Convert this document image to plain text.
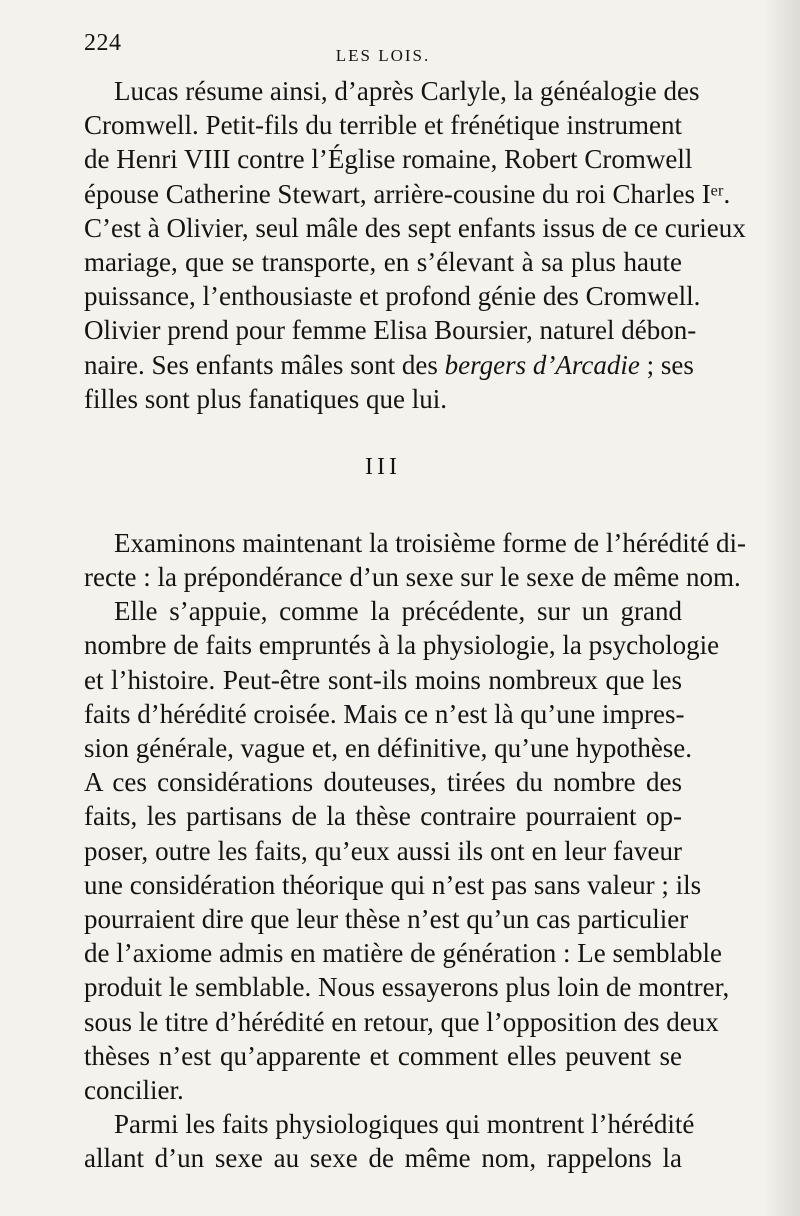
224	LES LOIS.
Lucas résume ainsi, d’après Carlyle, la généalogie des
Cromwell. Petit-fils du terrible et frénétique instrument
de Henri VIII contre l’Église romaine, Robert Cromwell
épouse Catherine Stewart, arrière-cousine du roi Charles Iᵉʳ.
C’est à Olivier, seul mâle des sept enfants issus de ce curieux
mariage, que se transporte, en s’élevant à sa plus haute
puissance, l’enthousiaste et profond génie des Cromwell.
Olivier prend pour femme Elisa Boursier, naturel débon-
naire. Ses enfants mâles sont des bergers d’Arcadie ; ses
filles sont plus fanatiques que lui.
III
Examinons maintenant la troisième forme de l’hérédité di-
recte : la prépondérance d’un sexe sur le sexe de même nom.
Elle s’appuie, comme la précédente, sur un grand
nombre de faits empruntés à la physiologie, la psychologie
et l’histoire. Peut-être sont-ils moins nombreux que les
faits d’hérédité croisée. Mais ce n’est là qu’une impres-
sion générale, vague et, en définitive, qu’une hypothèse.
A ces considérations douteuses, tirées du nombre des
faits, les partisans de la thèse contraire pourraient op-
poser, outre les faits, qu’eux aussi ils ont en leur faveur
une considération théorique qui n’est pas sans valeur ; ils
pourraient dire que leur thèse n’est qu’un cas particulier
de l’axiome admis en matière de génération : Le semblable
produit le semblable. Nous essayerons plus loin de montrer,
sous le titre d’hérédité en retour, que l’opposition des deux
thèses n’est qu’apparente et comment elles peuvent se
concilier.
Parmi les faits physiologiques qui montrent l’hérédité
allant d’un sexe au sexe de même nom, rappelons la
